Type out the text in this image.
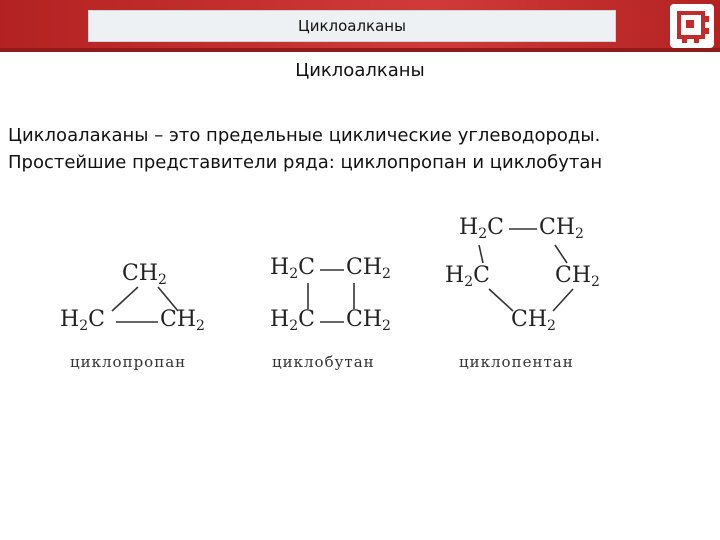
Циклоалканы
Циклоалканы
Циклоалаканы – это предельные циклические углеводороды.
Простейшие представители ряда: циклопропан и циклобутан
$CH_2$
$H_2C$	$CH_2$
циклопропан
$H_2C$ $CH_2$
$H_2C$ $CH_2$
циклобутан
$H_2C$ $CH_2$
$H_2C$	$CH_2$
$CH_2$
циклопентан
